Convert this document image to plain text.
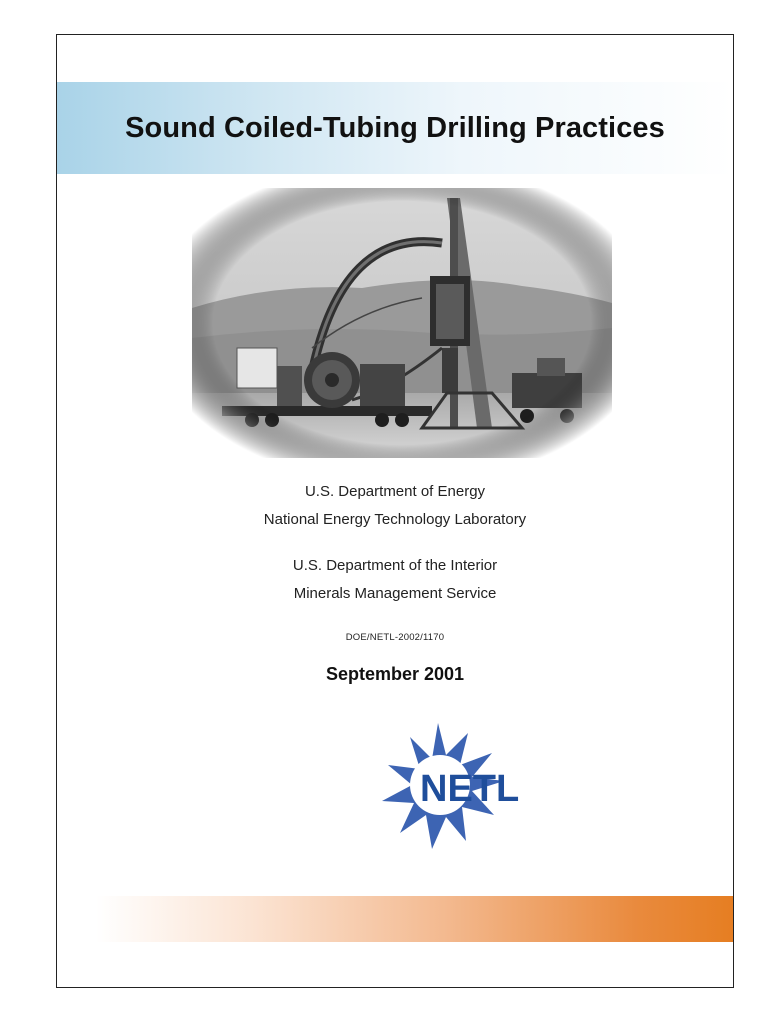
Sound Coiled-Tubing Drilling Practices
U.S. Department of Energy
National Energy Technology Laboratory
U.S. Department of the Interior
Minerals Management Service
DOE/NETL-2002/1170
September 2001
NETL
